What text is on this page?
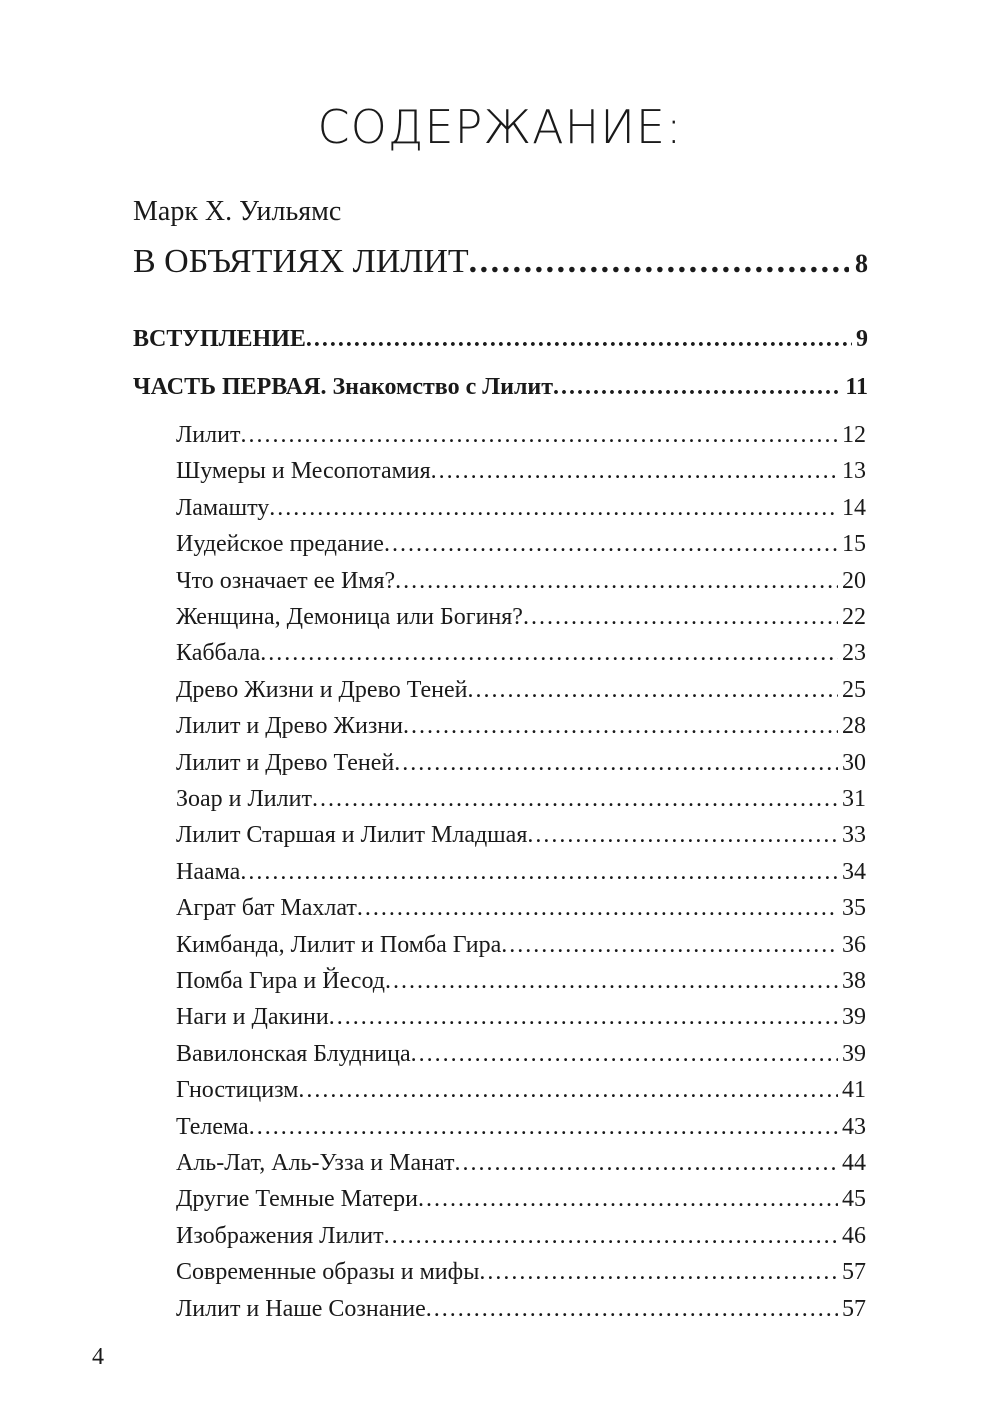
СОДЕРЖАНИЕ:
Марк Х. Уильямс
В ОБЪЯТИЯХ ЛИЛИТ . . .	8
ВСТУПЛЕНИЕ . . .	9
ЧАСТЬ ПЕРВАЯ. Знакомство с Лилит . . .	11
Лилит . . .	12
Шумеры и Месопотамия . . .	13
Ламашту . . .	14
Иудейское предание . . .	15
Что означает ее Имя? . . .	20
Женщина, Демоница или Богиня? . . .	22
Каббала . . .	23
Древо Жизни и Древо Теней . . .	25
Лилит и Древо Жизни . . .	28
Лилит и Древо Теней . . .	30
Зоар и Лилит . . .	31
Лилит Старшая и Лилит Младшая . . .	33
Наама . . .	34
Аграт бат Махлат . . .	35
Кимбанда, Лилит и Помба Гира . . .	36
Помба Гира и Йесод . . .	38
Наги и Дакини . . .	39
Вавилонская Блудница . . .	39
Гностицизм . . .	41
Телема . . .	43
Аль-Лат, Аль-Узза и Манат . . .	44
Другие Темные Матери . . .	45
Изображения Лилит . . .	46
Современные образы и мифы . . .	57
Лилит и Наше Сознание . . .	57
4
